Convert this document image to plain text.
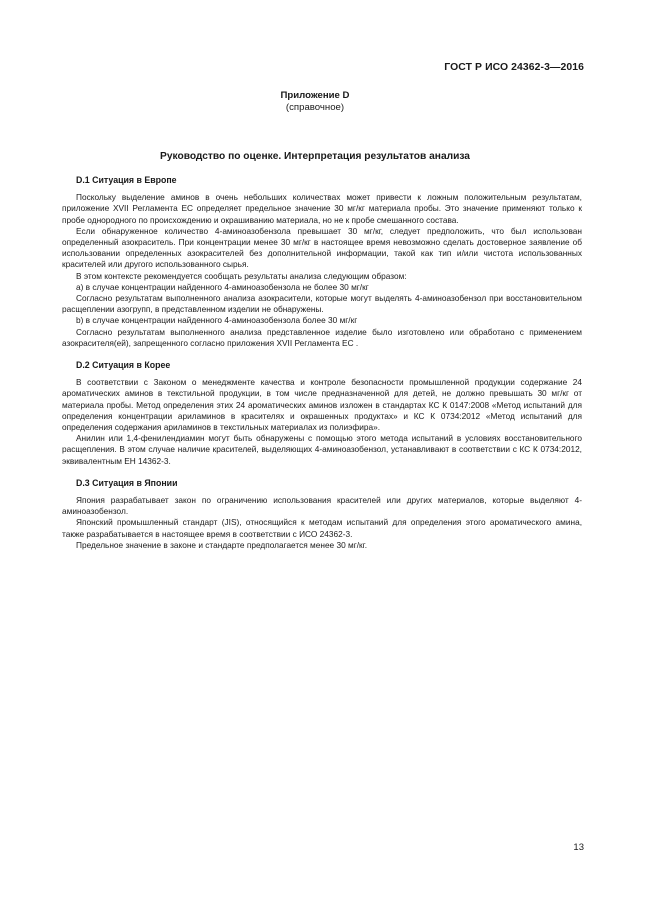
ГОСТ Р ИСО 24362-3—2016
Приложение D
(справочное)
Руководство по оценке. Интерпретация результатов анализа
D.1 Ситуация в Европе

Поскольку выделение аминов в очень небольших количествах может привести к ложным положительным результатам, приложение XVII Регламента ЕС определяет предельное значение 30 мг/кг материала пробы. Это значение применяют только к пробе однородного по происхождению и окрашиванию материала, но не к пробе смешанного состава.

Если обнаруженное количество 4-аминоазобензола превышает 30 мг/кг, следует предположить, что был использован определенный азокраситель. При концентрации менее 30 мг/кг в настоящее время невозможно сделать достоверное заявление об использовании определенных азокрасителей без дополнительной информации, такой как тип и/или чистота использованных красителей или другого использованного сырья.

В этом контексте рекомендуется сообщать результаты анализа следующим образом:

a) в случае концентрации найденного 4-аминоазобензола не более 30 мг/кг

Согласно результатам выполненного анализа азокрасители, которые могут выделять 4-аминоазобензол при восстановительном расщеплении азогрупп, в представленном изделии не обнаружены.

b) в случае концентрации найденного 4-аминоазобензола более 30 мг/кг

Согласно результатам выполненного анализа представленное изделие было изготовлено или обработано с применением азокрасителя(ей), запрещенного согласно приложения XVII Регламента ЕС .

D.2 Ситуация в Корее

В соответствии с Законом о менеджменте качества и контроле безопасности промышленной продукции содержание 24 ароматических аминов в текстильной продукции, в том числе предназначенной для детей, не должно превышать 30 мг/кг от материала пробы. Метод определения этих 24 ароматических аминов изложен в стандартах КС К 0147:2008 «Метод испытаний для определения концентрации ариламинов в красителях и окрашенных продуктах» и КС К 0734:2012 «Метод испытаний для определения содержания ариламинов в текстильных материалах из полиэфира».

Анилин или 1,4-фенилендиамин могут быть обнаружены с помощью этого метода испытаний в условиях восстановительного расщепления. В этом случае наличие красителей, выделяющих 4-аминоазобензол, устанавливают в соответствии с КС К 0734:2012, эквивалентным ЕН 14362-3.

D.3 Ситуация в Японии

Япония разрабатывает закон по ограничению использования красителей или других материалов, которые выделяют 4-аминоазобензол.

Японский промышленный стандарт (JIS), относящийся к методам испытаний для определения этого ароматического амина, также разрабатывается в настоящее время в соответствии с ИСО 24362-3.

Предельное значение в законе и стандарте предполагается менее 30 мг/кг.

13
